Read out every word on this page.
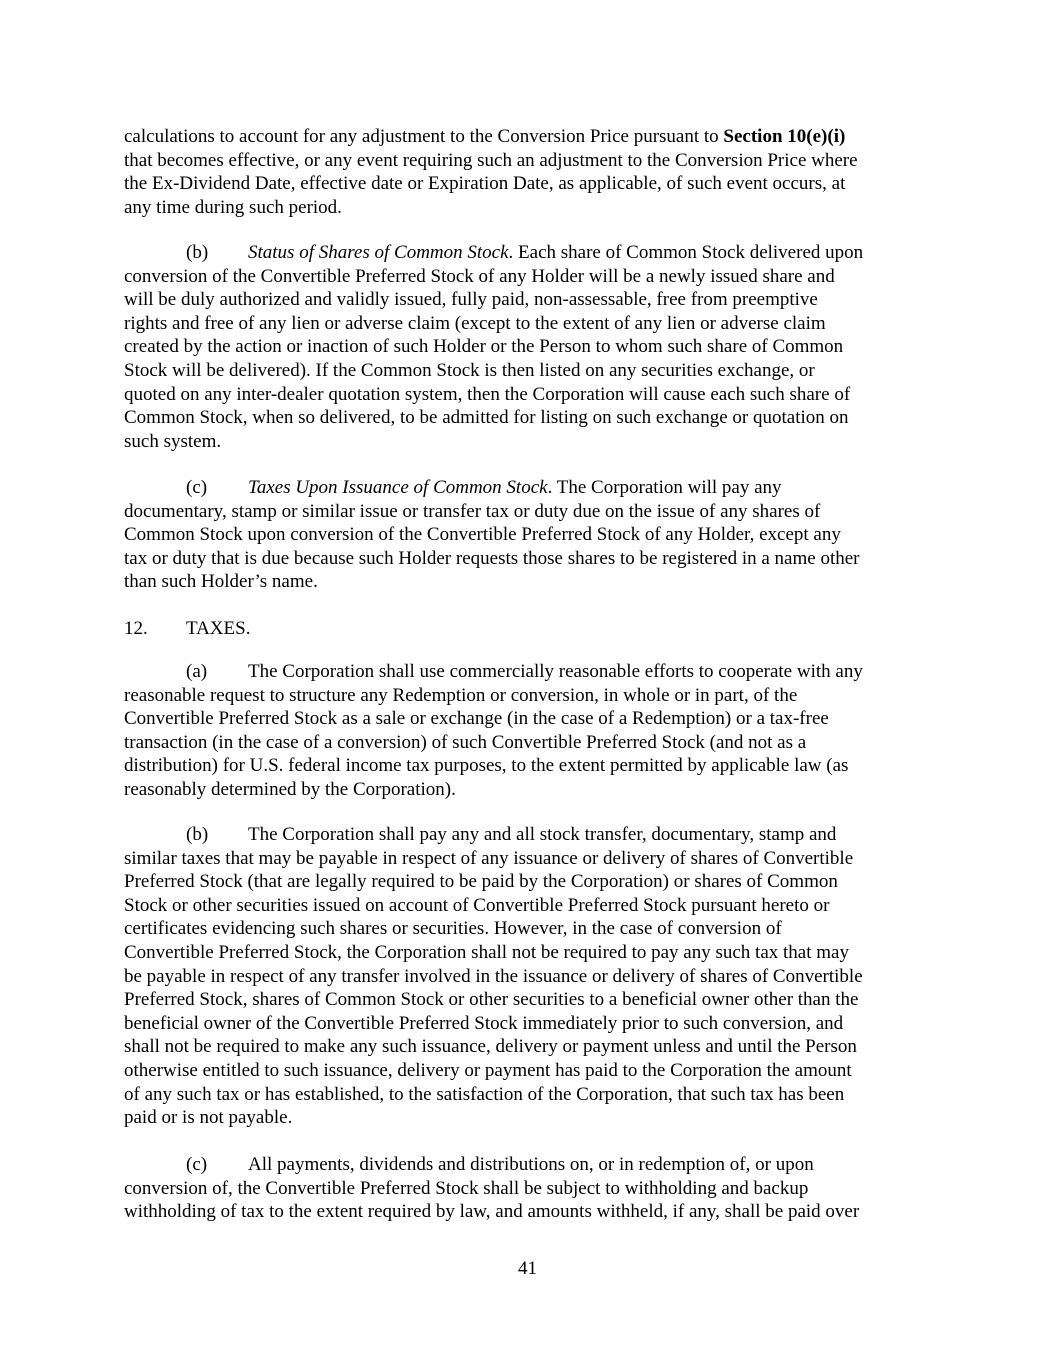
calculations to account for any adjustment to the Conversion Price pursuant to Section 10(e)(i)
that becomes effective, or any event requiring such an adjustment to the Conversion Price where
the Ex-Dividend Date, effective date or Expiration Date, as applicable, of such event occurs, at
any time during such period.
(b) Status of Shares of Common Stock. Each share of Common Stock delivered upon
conversion of the Convertible Preferred Stock of any Holder will be a newly issued share and
will be duly authorized and validly issued, fully paid, non-assessable, free from preemptive
rights and free of any lien or adverse claim (except to the extent of any lien or adverse claim
created by the action or inaction of such Holder or the Person to whom such share of Common
Stock will be delivered). If the Common Stock is then listed on any securities exchange, or
quoted on any inter-dealer quotation system, then the Corporation will cause each such share of
Common Stock, when so delivered, to be admitted for listing on such exchange or quotation on
such system.
(c) Taxes Upon Issuance of Common Stock. The Corporation will pay any
documentary, stamp or similar issue or transfer tax or duty due on the issue of any shares of
Common Stock upon conversion of the Convertible Preferred Stock of any Holder, except any
tax or duty that is due because such Holder requests those shares to be registered in a name other
than such Holder’s name.
12. TAXES.
(a) The Corporation shall use commercially reasonable efforts to cooperate with any
reasonable request to structure any Redemption or conversion, in whole or in part, of the
Convertible Preferred Stock as a sale or exchange (in the case of a Redemption) or a tax-free
transaction (in the case of a conversion) of such Convertible Preferred Stock (and not as a
distribution) for U.S. federal income tax purposes, to the extent permitted by applicable law (as
reasonably determined by the Corporation).
(b) The Corporation shall pay any and all stock transfer, documentary, stamp and
similar taxes that may be payable in respect of any issuance or delivery of shares of Convertible
Preferred Stock (that are legally required to be paid by the Corporation) or shares of Common
Stock or other securities issued on account of Convertible Preferred Stock pursuant hereto or
certificates evidencing such shares or securities. However, in the case of conversion of
Convertible Preferred Stock, the Corporation shall not be required to pay any such tax that may
be payable in respect of any transfer involved in the issuance or delivery of shares of Convertible
Preferred Stock, shares of Common Stock or other securities to a beneficial owner other than the
beneficial owner of the Convertible Preferred Stock immediately prior to such conversion, and
shall not be required to make any such issuance, delivery or payment unless and until the Person
otherwise entitled to such issuance, delivery or payment has paid to the Corporation the amount
of any such tax or has established, to the satisfaction of the Corporation, that such tax has been
paid or is not payable.
(c) All payments, dividends and distributions on, or in redemption of, or upon
conversion of, the Convertible Preferred Stock shall be subject to withholding and backup
withholding of tax to the extent required by law, and amounts withheld, if any, shall be paid over
41
